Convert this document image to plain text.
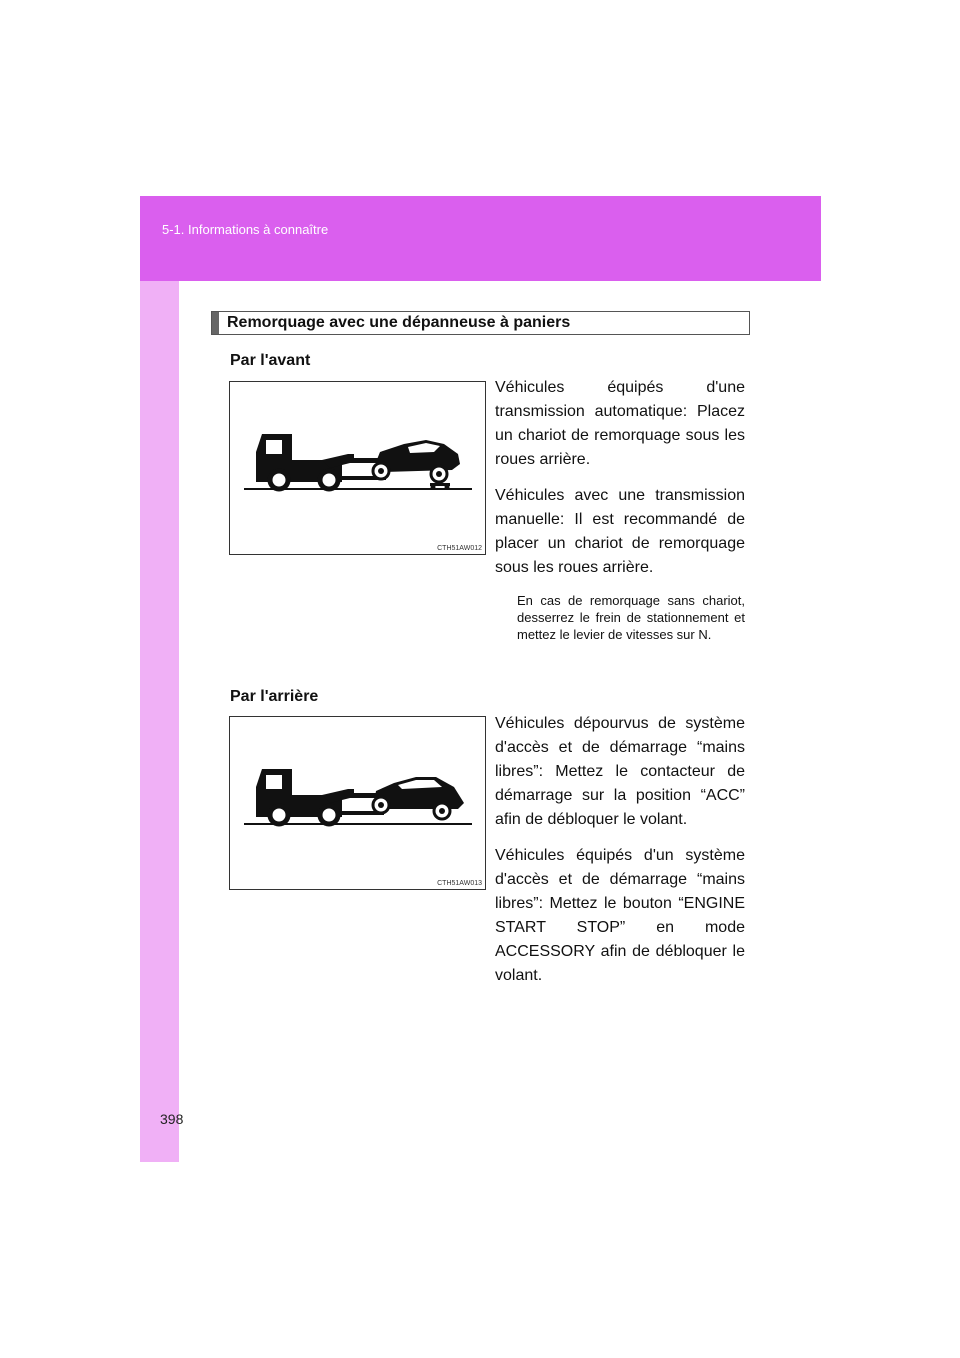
5-1. Informations à connaître
Remorquage avec une dépanneuse à paniers
Par l'avant
CTH51AW012

Véhicules équipés d'une transmission automatique: Placez un chariot de remorquage sous les roues arrière.

Véhicules avec une transmission manuelle: Il est recommandé de placer un chariot de remorquage sous les roues arrière.

En cas de remorquage sans chariot, desserrez le frein de stationnement et mettez le levier de vitesses sur N.

Par l'arrière
CTH51AW013

Véhicules dépourvus de système d'accès et de démarrage “mains libres”: Mettez le contacteur de démarrage sur la position “ACC” afin de débloquer le volant.

Véhicules équipés d'un système d'accès et de démarrage “mains libres”: Mettez le bouton “ENGINE START STOP” en mode ACCESSORY afin de débloquer le volant.

398
